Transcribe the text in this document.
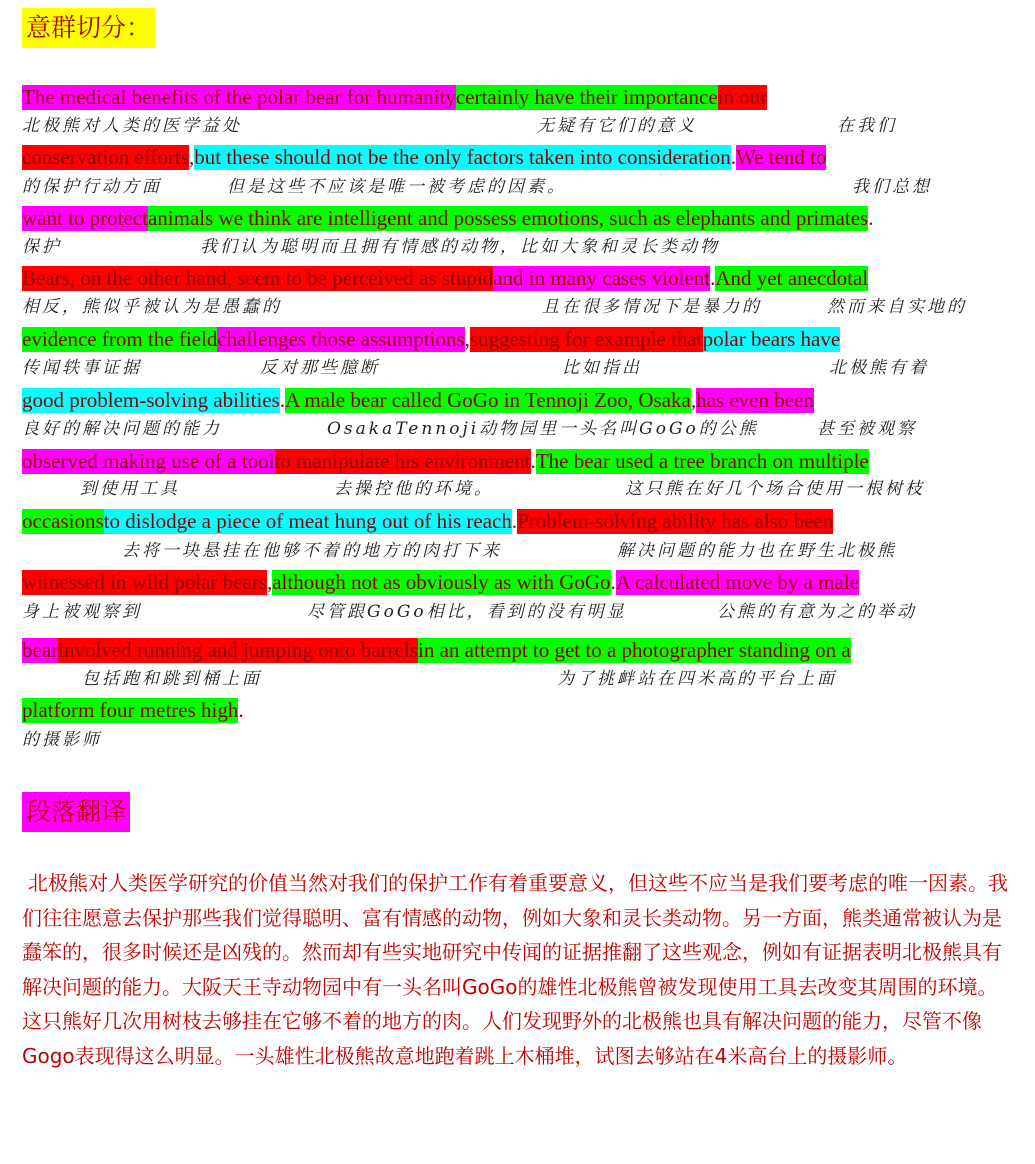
意群切分：
The medical benefits of the polar bear for humanitycertainly have their importancein our
北极熊对人类的医学益处	无疑有它们的意义	在我们
conservation efforts,but these should not be the only factors taken into consideration.We tend to
的保护行动方面	但是这些不应该是唯一被考虑的因素。	我们总想
want to protectanimals we think are intelligent and possess emotions, such as elephants and primates.
保护	我们认为聪明而且拥有情感的动物，比如大象和灵长类动物
Bears, on the other hand, seem to be perceived as stupidand in many cases violent.And yet anecdotal
相反，熊似乎被认为是愚蠢的	且在很多情况下是暴力的	然而来自实地的
evidence from the fieldchallenges those assumptions,suggesting for example thatpolar bears have
传闻轶事证据	反对那些臆断	比如指出	北极熊有着
good problem-solving abilities.A male bear called GoGo in Tennoji Zoo, Osaka,has even been
良好的解决问题的能力	OsakaTennoji动物园里一头名叫GoGo的公熊	甚至被观察
observed making use of a toolto manipulate his environment.The bear used a tree branch on multiple
到使用工具	去操控他的环境。	这只熊在好几个场合使用一根树枝
occasionsto dislodge a piece of meat hung out of his reach.Problem-solving ability has also been
去将一块悬挂在他够不着的地方的肉打下来	解决问题的能力也在野生北极熊
witnessed in wild polar bears,although not as obviously as with GoGo.A calculated move by a male
身上被观察到	尽管跟GoGo相比，看到的没有明显	公熊的有意为之的举动
bearinvolved running and jumping onto barrelsin an attempt to get to a photographer standing on a
包括跑和跳到桶上面	为了挑衅站在四米高的平台上面
platform four metres high.
的摄影师
段落翻译

北极熊对人类医学研究的价值当然对我们的保护工作有着重要意义，但这些不应当是我们要考虑的唯一因素。我们往往愿意去保护那些我们觉得聪明、富有情感的动物，例如大象和灵长类动物。另一方面，熊类通常被认为是蠢笨的，很多时候还是凶残的。然而却有些实地研究中传闻的证据推翻了这些观念，例如有证据表明北极熊具有解决问题的能力。大阪天王寺动物园中有一头名叫GoGo的雄性北极熊曾被发现使用工具去改变其周围的环境。这只熊好几次用树枝去够挂在它够不着的地方的肉。人们发现野外的北极熊也具有解决问题的能力，尽管不像Gogo表现得这么明显。一头雄性北极熊故意地跑着跳上木桶堆，试图去够站在4米高台上的摄影师。
